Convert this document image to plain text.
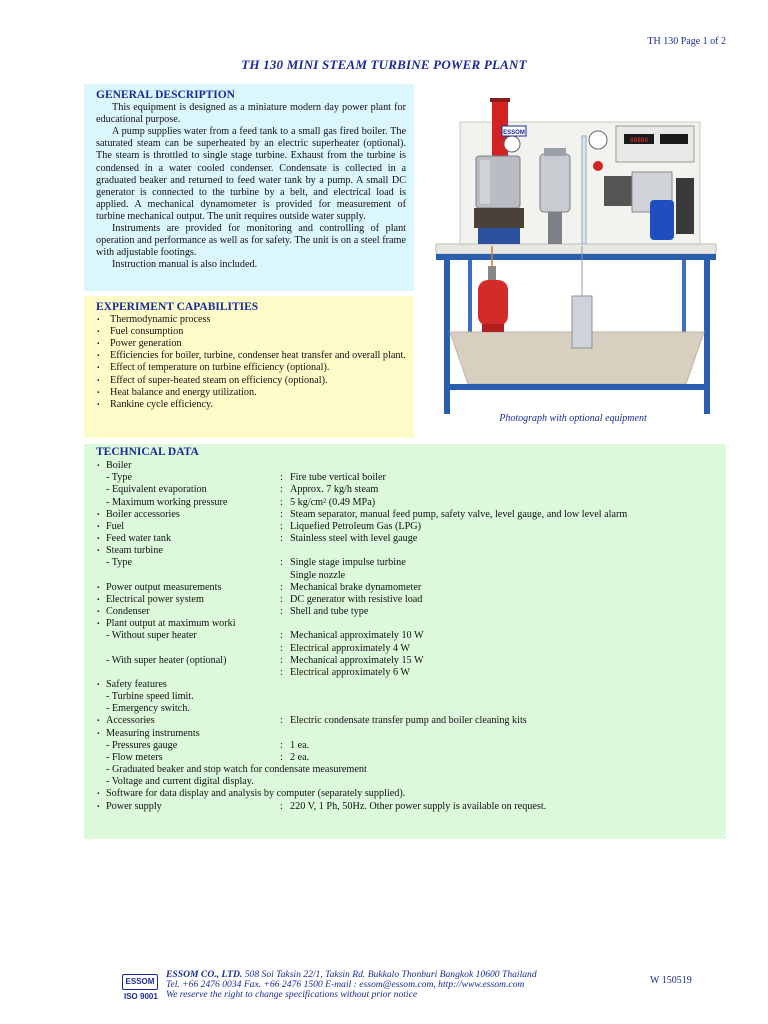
TH 130 Page 1 of 2
TH 130 MINI STEAM TURBINE POWER PLANT
GENERAL DESCRIPTION

This equipment is designed as a miniature modern day power plant for educational purpose.

A pump supplies water from a feed tank to a small gas fired boiler. The saturated steam can be superheated by an electric superheater (optional). The steam is throttled to single stage turbine. Exhaust from the turbine is condensed in a water cooled condenser. Condensate is collected in a graduated beaker and returned to feed water tank by a pump. A small DC generator is connected to the turbine by a belt, and electrical load is applied. A mechanical dynamometer is provided for measurement of turbine mechanical output. The unit requires outside water supply.

Instruments are provided for monitoring and controlling of plant operation and performance as well as for safety. The unit is on a steel frame with adjustable footings.

Instruction manual is also included.

EXPERIMENT CAPABILITIES
. Thermodynamic process
. Fuel consumption
. Power generation
. Efficiencies for boiler, turbine, condenser heat transfer and overall plant.
. Effect of temperature on turbine efficiency (optional).
. Effect of super-heated steam on efficiency (optional).
. Heat balance and energy utilization.
. Rankine cycle efficiency.
ESSOM
88888
Photograph with optional equipment
TECHNICAL DATA
. Boiler
- Type	: Fire tube vertical boiler
- Equivalent evaporation	: Approx. 7 kg/h steam
- Maximum working pressure	: 5 kg/cm² (0.49 MPa)
. Boiler accessories	: Steam separator, manual feed pump, safety valve, level gauge, and low level alarm
. Fuel	: Liquefied Petroleum Gas (LPG)
. Feed water tank	: Stainless steel with level gauge
. Steam turbine
- Type	: Single stage impulse turbine
Single nozzle
. Power output measurements	: Mechanical brake dynamometer
. Electrical power system	: DC generator with resistive load
. Condenser	: Shell and tube type
. Plant output at maximum worki
- Without super heater	: Mechanical approximately 10 W
: Electrical approximately 4 W
- With super heater (optional)	: Mechanical approximately 15 W
: Electrical approximately 6 W
. Safety features
- Turbine speed limit.
- Emergency switch.
. Accessories	: Electric condensate transfer pump and boiler cleaning kits
. Measuring instruments
- Pressures gauge	: 1 ea.
- Flow meters	: 2 ea.
- Graduated beaker and stop watch for condensate measurement
- Voltage and current digital display.
. Software for data display and analysis by computer (separately supplied).
. Power supply	: 220 V, 1 Ph, 50Hz. Other power supply is available on request.
ESSOM
ISO 9001
ESSOM CO., LTD. 508 Soi Taksin 22/1, Taksin Rd. Bukkalo Thonburi Bangkok 10600 Thailand
Tel. +66 2476 0034 Fax. +66 2476 1500 E-mail : essom@essom.com, http://www.essom.com
We reserve the right to change specifications without prior notice
W 150519
